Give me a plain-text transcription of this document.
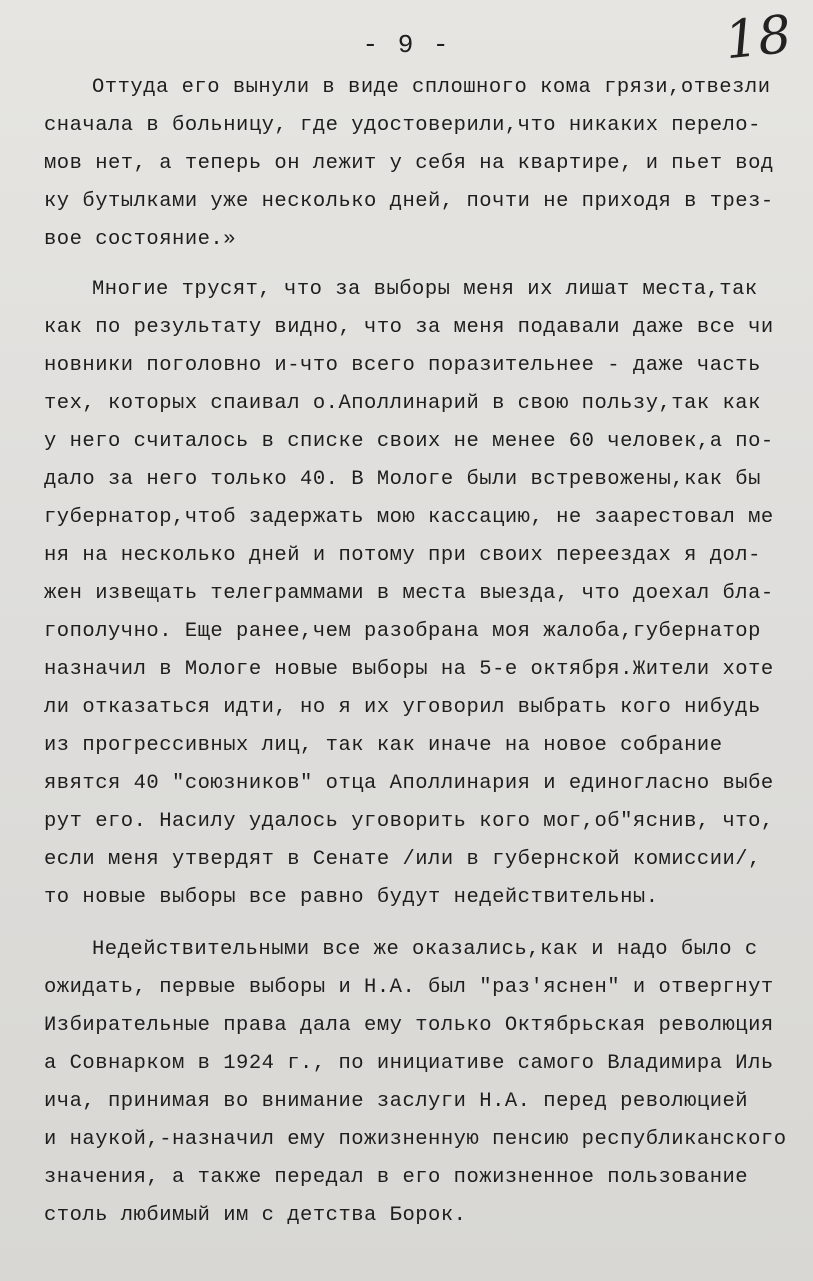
- 9 -	18
Оттуда его вынули в виде сплошного кома грязи,отвезли
сначала в больницу, где удостоверили,что никаких перело-
мов нет, а теперь он лежит у себя на квартире, и пьет вод
ку бутылками уже несколько дней, почти не приходя в трез-
вое состояние.»
Многие трусят, что за выборы меня их лишат места,так
как по результату видно, что за меня подавали даже все чи
новники поголовно и-что всего поразительнее - даже часть
тех, которых спаивал о.Аполлинарий в свою пользу,так как
у него считалось в списке своих не менее 60 человек,а по-
дало за него только 40. В Мологе были встревожены,как бы
губернатор,чтоб задержать мою кассацию, не заарестовал ме
ня на несколько дней и потому при своих переездах я дол-
жен извещать телеграммами в места выезда, что доехал бла-
гополучно. Еще ранее,чем разобрана моя жалоба,губернатор
назначил в Мологе новые выборы на 5-е октября.Жители хоте
ли отказаться идти, но я их уговорил выбрать кого нибудь
из прогрессивных лиц, так как иначе на новое собрание
явятся 40 "союзников" отца Аполлинария и единогласно выбе
рут его. Насилу удалось уговорить кого мог,об"яснив, что,
если меня утвердят в Сенате /или в губернской комиссии/,
то новые выборы все равно будут недействительны.
Недействительными все же оказались,как и надо было с
ожидать, первые выборы и Н.А. был "раз'яснен" и отвергнут
Избирательные права дала ему только Октябрьская революция
а Совнарком в 1924 г., по инициативе самого Владимира Иль
ича, принимая во внимание заслуги Н.А. перед революцией
и наукой,-назначил ему пожизненную пенсию республиканского
значения, а также передал в его пожизненное пользование
столь любимый им с детства Борок.
